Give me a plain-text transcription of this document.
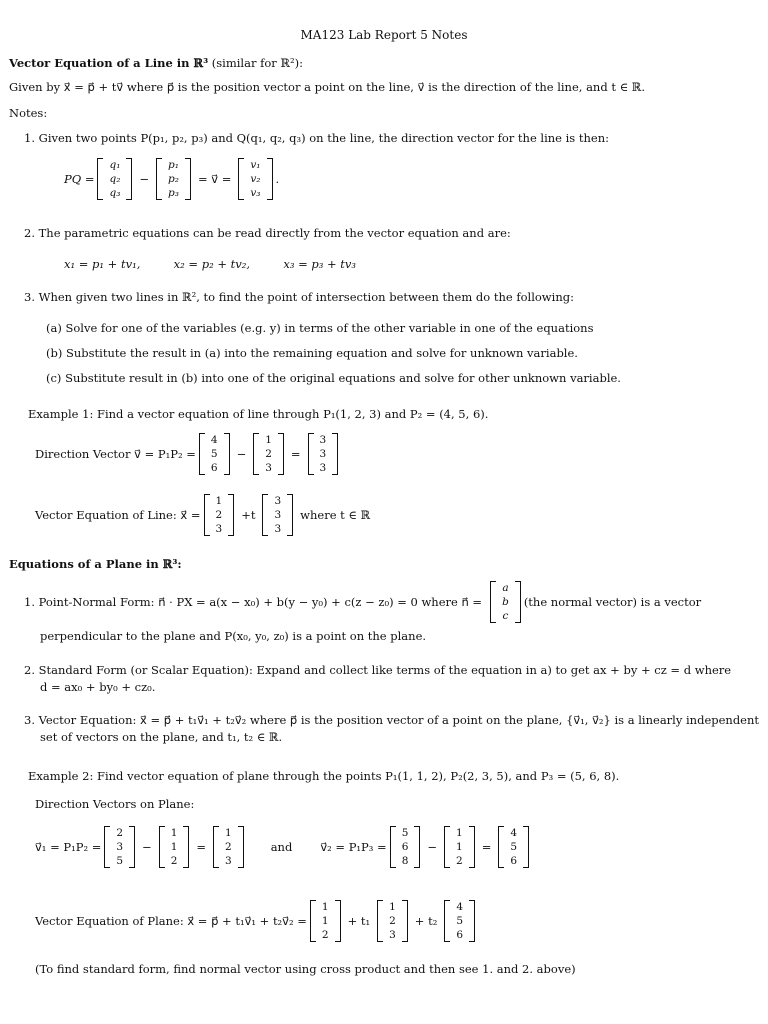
MA123 Lab Report 5 Notes
Vector Equation of a Line in ℝ³ (similar for ℝ²):
Given by x⃗ = p⃗ + tv⃗ where p⃗ is the position vector a point on the line, v⃗ is the direction of the line, and t ∈ ℝ.
Notes:
1. Given two points P(p₁, p₂, p₃) and Q(q₁, q₂, q₃) on the line, the direction vector for the line is then:
PQ =
q₁
q₂
q₃
−
p₁
p₂
p₃
= v⃗ =
v₁
v₂
v₃
.
2. The parametric equations can be read directly from the vector equation and are:
x₁ = p₁ + tv₁,	x₂ = p₂ + tv₂,	x₃ = p₃ + tv₃
3. When given two lines in ℝ², to find the point of intersection between them do the following:
(a) Solve for one of the variables (e.g. y) in terms of the other variable in one of the equations
(b) Substitute the result in (a) into the remaining equation and solve for unknown variable.
(c) Substitute result in (b) into one of the original equations and solve for other unknown variable.
Example 1: Find a vector equation of line through P₁(1, 2, 3) and P₂ = (4, 5, 6).
Direction Vector v⃗ = P₁P₂ =
4
5
6
−
1
2
3
=
3
3
3
Vector Equation of Line: x⃗ =
1
2
3
+t
3
3
3
where t ∈ ℝ
Equations of a Plane in ℝ³:
1. Point-Normal Form: n⃗ · PX = a(x − x₀) + b(y − y₀) + c(z − z₀) = 0 where n⃗ =
a
b
c
(the normal vector) is a vector
perpendicular to the plane and P(x₀, y₀, z₀) is a point on the plane.
2. Standard Form (or Scalar Equation): Expand and collect like terms of the equation in a) to get ax + by + cz = d where
d = ax₀ + by₀ + cz₀.
3. Vector Equation: x⃗ = p⃗ + t₁v⃗₁ + t₂v⃗₂ where p⃗ is the position vector of a point on the plane, {v⃗₁, v⃗₂} is a linearly independent
set of vectors on the plane, and t₁, t₂ ∈ ℝ.
Example 2: Find vector equation of plane through the points P₁(1, 1, 2), P₂(2, 3, 5), and P₃ = (5, 6, 8).
Direction Vectors on Plane:
v⃗₁ = P₁P₂ =
2
3
5
−
1
1
2
=
1
2
3
and v⃗₂ = P₁P₃ =
5
6
8
−
1
1
2
=
4
5
6
Vector Equation of Plane: x⃗ = p⃗ + t₁v⃗₁ + t₂v⃗₂ =
1
1
2
+ t₁
1
2
3
+ t₂
4
5
6
(To find standard form, find normal vector using cross product and then see 1. and 2. above)
